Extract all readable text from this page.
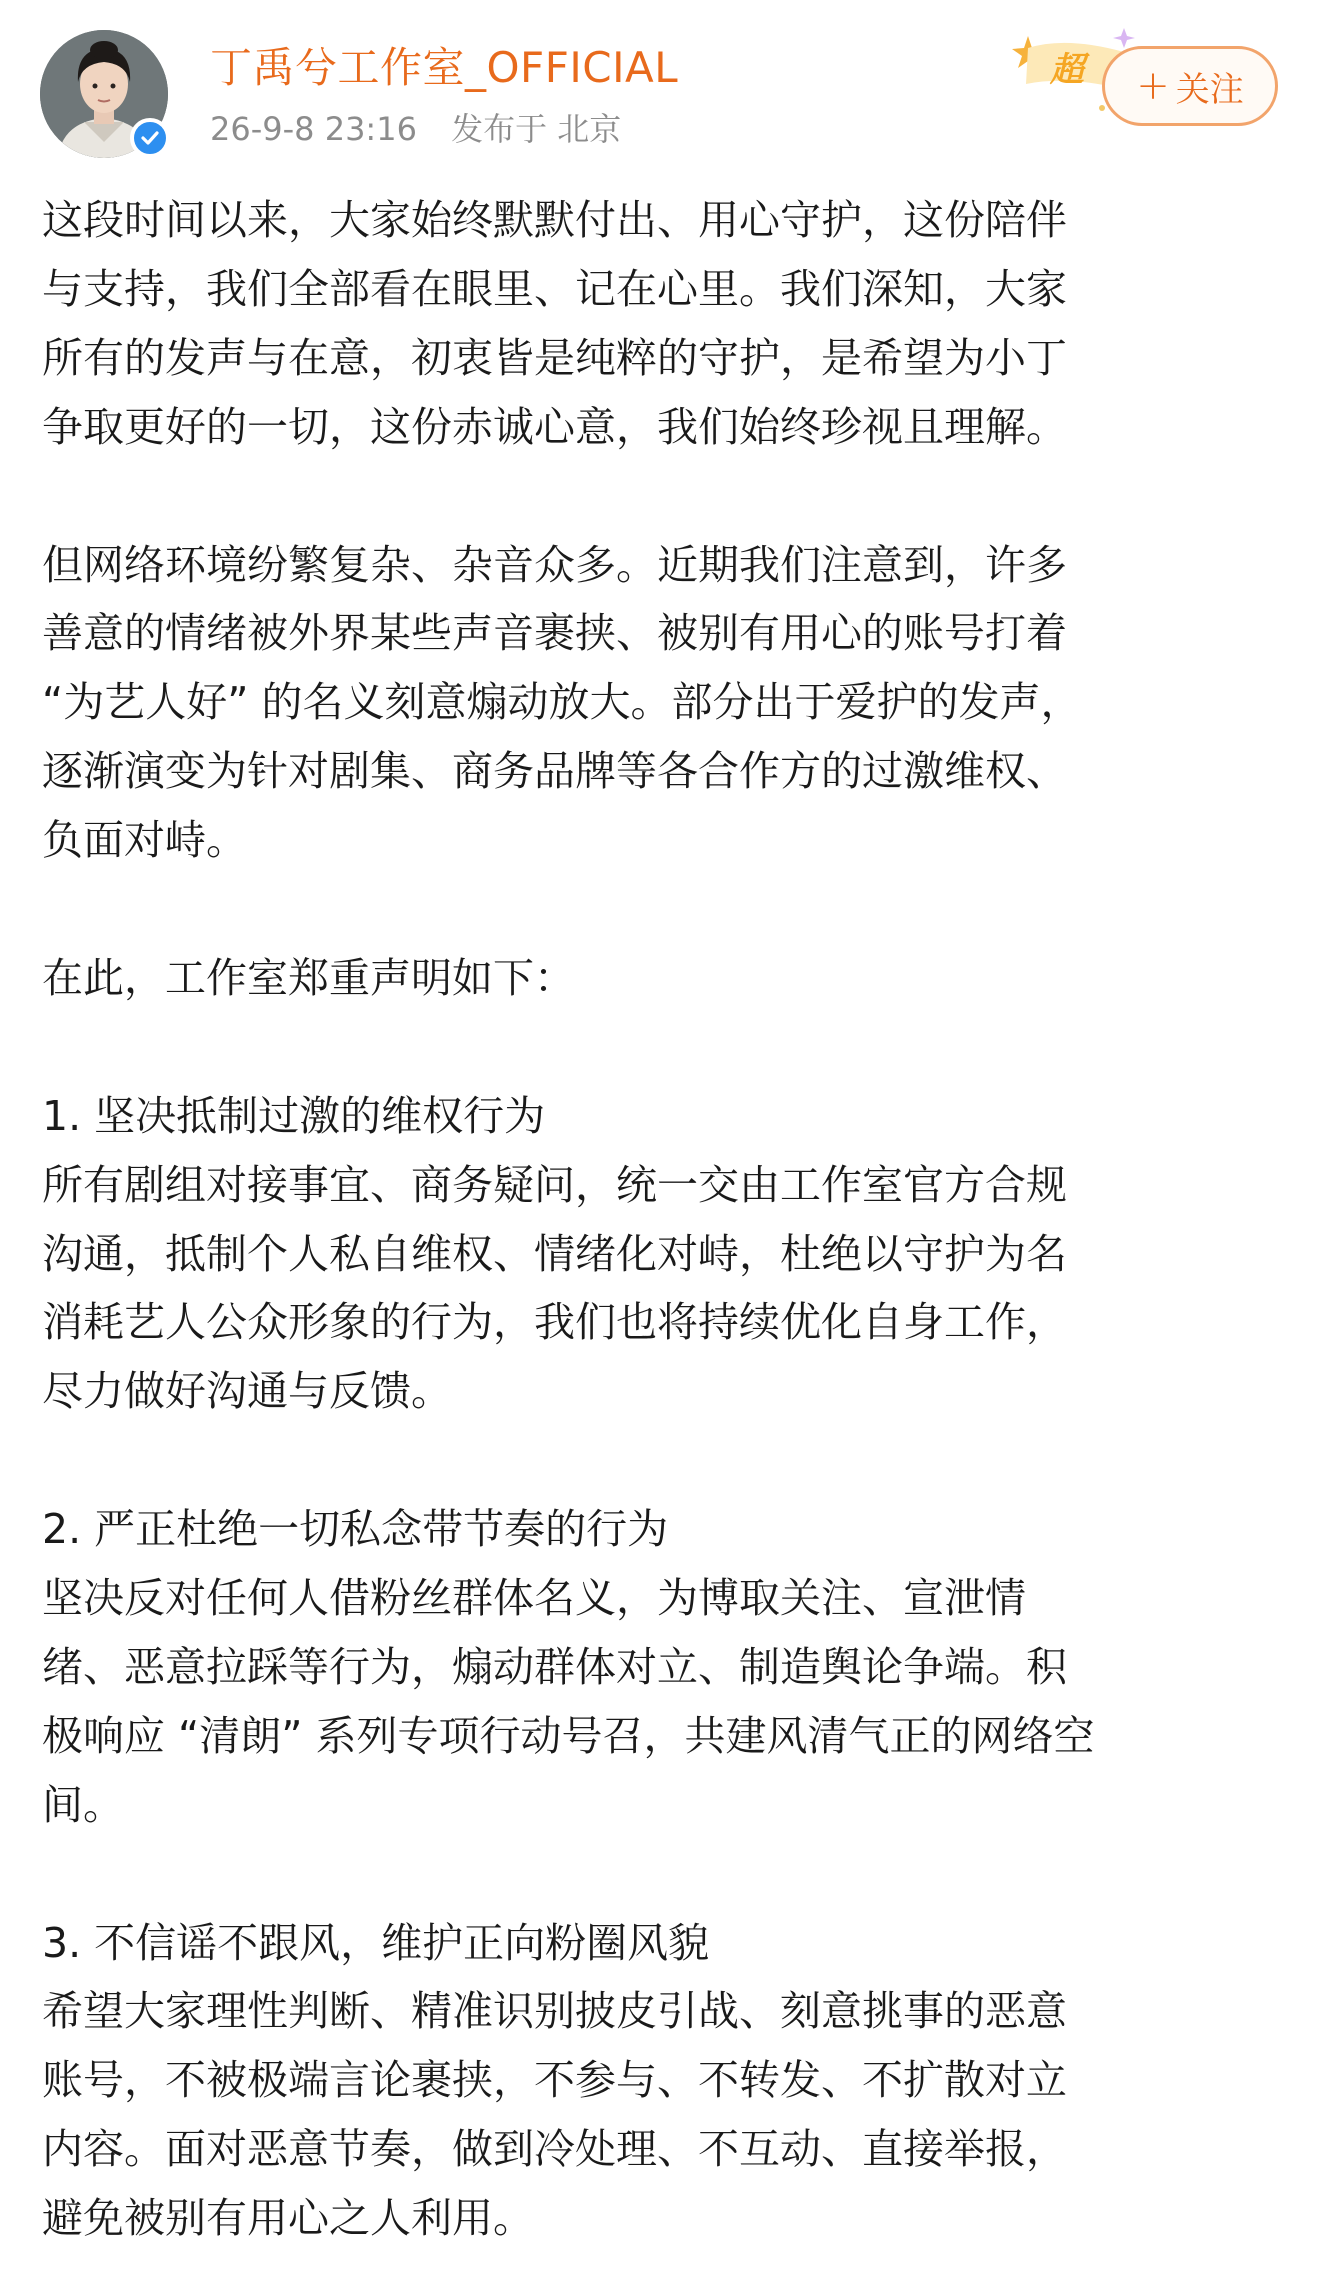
丁禹兮工作室_OFFICIAL
26-9-8 23:16 发布于 北京
超 + 关注

这段时间以来，大家始终默默付出、用心守护，这份陪伴

与支持，我们全部看在眼里、记在心里。我们深知，大家

所有的发声与在意，初衷皆是纯粹的守护，是希望为小丁

争取更好的一切，这份赤诚心意，我们始终珍视且理解。

但网络环境纷繁复杂、杂音众多。近期我们注意到，许多

善意的情绪被外界某些声音裹挟、被别有用心的账号打着

“为艺人好” 的名义刻意煽动放大。部分出于爱护的发声，

逐渐演变为针对剧集、商务品牌等各合作方的过激维权、

负面对峙。

在此，工作室郑重声明如下：

1. 坚决抵制过激的维权行为

所有剧组对接事宜、商务疑问，统一交由工作室官方合规

沟通，抵制个人私自维权、情绪化对峙，杜绝以守护为名

消耗艺人公众形象的行为，我们也将持续优化自身工作，

尽力做好沟通与反馈。

2. 严正杜绝一切私念带节奏的行为

坚决反对任何人借粉丝群体名义，为博取关注、宣泄情

绪、恶意拉踩等行为，煽动群体对立、制造舆论争端。积

极响应 “清朗” 系列专项行动号召，共建风清气正的网络空

间。

3. 不信谣不跟风，维护正向粉圈风貌

希望大家理性判断、精准识别披皮引战、刻意挑事的恶意

账号，不被极端言论裹挟，不参与、不转发、不扩散对立

内容。面对恶意节奏，做到冷处理、不互动、直接举报，

避免被别有用心之人利用。
